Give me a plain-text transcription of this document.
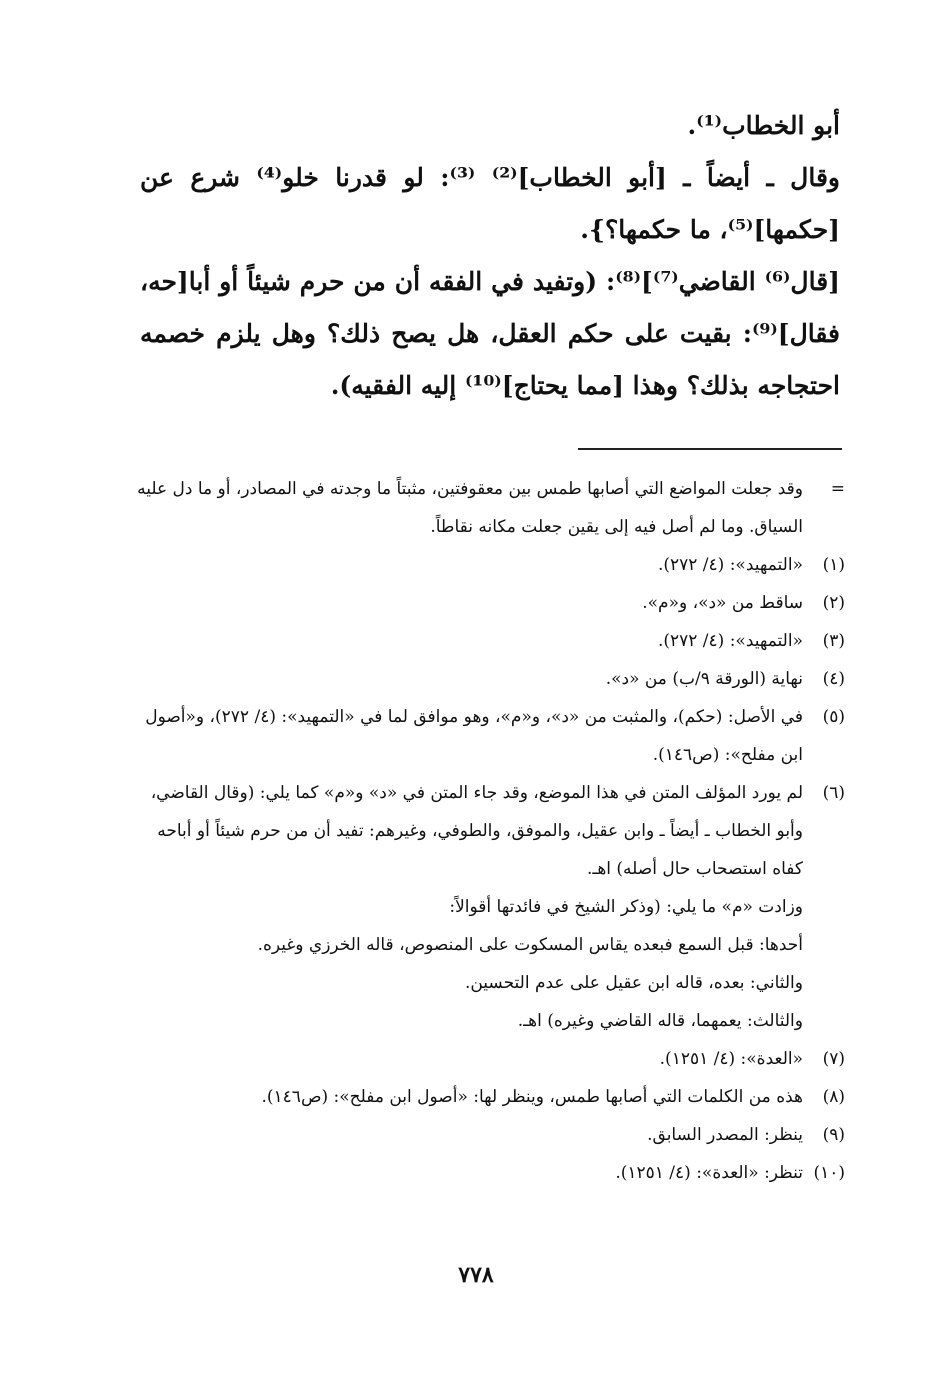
أبو الخطاب⁽¹⁾.

وقال ـ أيضاً ـ [أبو الخطاب]⁽²⁾ ⁽³⁾: لو قدرنا خلو⁽⁴⁾ شرع عن [حكمها]⁽⁵⁾، ما حكمها؟}.

[قال⁽⁶⁾ القاضي⁽⁷⁾]⁽⁸⁾: (وتفيد في الفقه أن من حرم شيئاً أو أبا[حه، فقال]⁽⁹⁾: بقيت على حكم العقل، هل يصح ذلك؟ وهل يلزم خصمه احتجاجه بذلك؟ وهذا [مما يحتاج]⁽¹⁰⁾ إليه الفقيه).

=
وقد جعلت المواضع التي أصابها طمس بين معقوفتين، مثبتاً ما وجدته في المصادر، أو ما دل عليه السياق. وما لم أصل فيه إلى يقين جعلت مكانه نقاطاً.
(١)
«التمهيد»: (٤/ ٢٧٢).
(٢)
ساقط من «د»، و«م».
(٣)
«التمهيد»: (٤/ ٢٧٢).
(٤)
نهاية (الورقة ٩/ب) من «د».
(٥)
في الأصل: (حكم)، والمثبت من «د»، و«م»، وهو موافق لما في «التمهيد»: (٤/ ٢٧٢)، و«أصول ابن مفلح»: (ص١٤٦).
(٦)
لم يورد المؤلف المتن في هذا الموضع، وقد جاء المتن في «د» و«م» كما يلي: (وقال القاضي، وأبو الخطاب ـ أيضاً ـ وابن عقيل، والموفق، والطوفي، وغيرهم: تفيد أن من حرم شيئاً أو أباحه كفاه استصحاب حال أصله) اهـ.
وزادت «م» ما يلي: (وذكر الشيخ في فائدتها أقوالاً:
أحدها: قبل السمع فبعده يقاس المسكوت على المنصوص، قاله الخرزي وغيره.
والثاني: بعده، قاله ابن عقيل على عدم التحسين.
والثالث: يعمهما، قاله القاضي وغيره) اهـ.
(٧)
«العدة»: (٤/ ١٢٥١).
(٨)
هذه من الكلمات التي أصابها طمس، وينظر لها: «أصول ابن مفلح»: (ص١٤٦).
(٩)
ينظر: المصدر السابق.
(١٠)
تنظر: «العدة»: (٤/ ١٢٥١).
٧٧٨
